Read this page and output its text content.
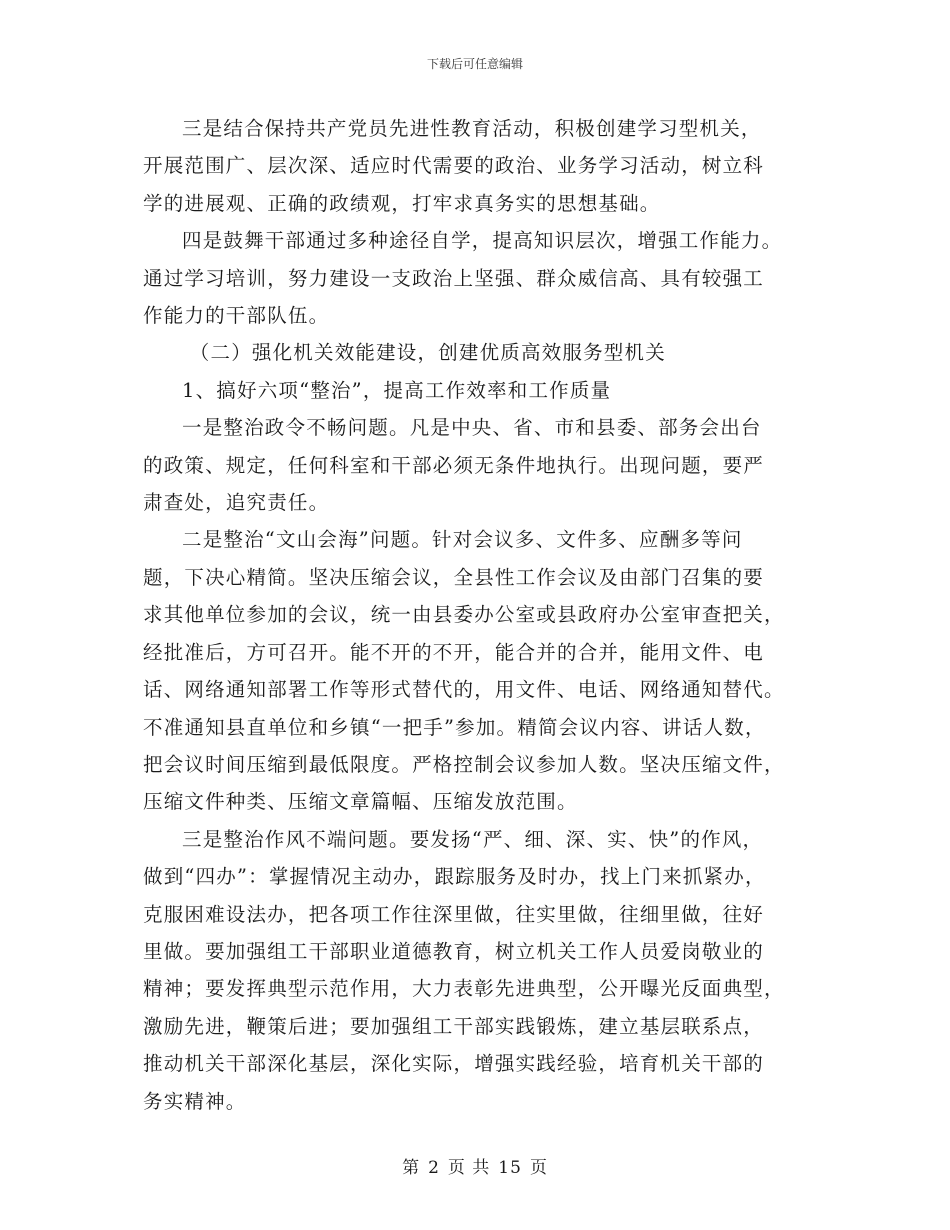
下载后可任意编辑

三是结合保持共产党员先进性教育活动，积极创建学习型机关，
开展范围广、层次深、适应时代需要的政治、业务学习活动，树立科
学的进展观、正确的政绩观，打牢求真务实的思想基础。

四是鼓舞干部通过多种途径自学，提高知识层次，增强工作能力。
通过学习培训，努力建设一支政治上坚强、群众威信高、具有较强工
作能力的干部队伍。

（二）强化机关效能建设，创建优质高效服务型机关

1、搞好六项“整治”，提高工作效率和工作质量

一是整治政令不畅问题。凡是中央、省、市和县委、部务会出台
的政策、规定，任何科室和干部必须无条件地执行。出现问题，要严
肃查处，追究责任。

二是整治“文山会海”问题。针对会议多、文件多、应酬多等问
题，下决心精简。坚决压缩会议，全县性工作会议及由部门召集的要
求其他单位参加的会议，统一由县委办公室或县政府办公室审查把关，
经批准后，方可召开。能不开的不开，能合并的合并，能用文件、电
话、网络通知部署工作等形式替代的，用文件、电话、网络通知替代。
不准通知县直单位和乡镇“一把手”参加。精简会议内容、讲话人数，
把会议时间压缩到最低限度。严格控制会议参加人数。坚决压缩文件，
压缩文件种类、压缩文章篇幅、压缩发放范围。

三是整治作风不端问题。要发扬“严、细、深、实、快”的作风，
做到“四办”：掌握情况主动办，跟踪服务及时办，找上门来抓紧办，
克服困难设法办，把各项工作往深里做，往实里做，往细里做，往好
里做。要加强组工干部职业道德教育，树立机关工作人员爱岗敬业的
精神；要发挥典型示范作用，大力表彰先进典型，公开曝光反面典型，
激励先进，鞭策后进；要加强组工干部实践锻炼，建立基层联系点，
推动机关干部深化基层，深化实际，增强实践经验，培育机关干部的
务实精神。

第 2 页 共 15 页
